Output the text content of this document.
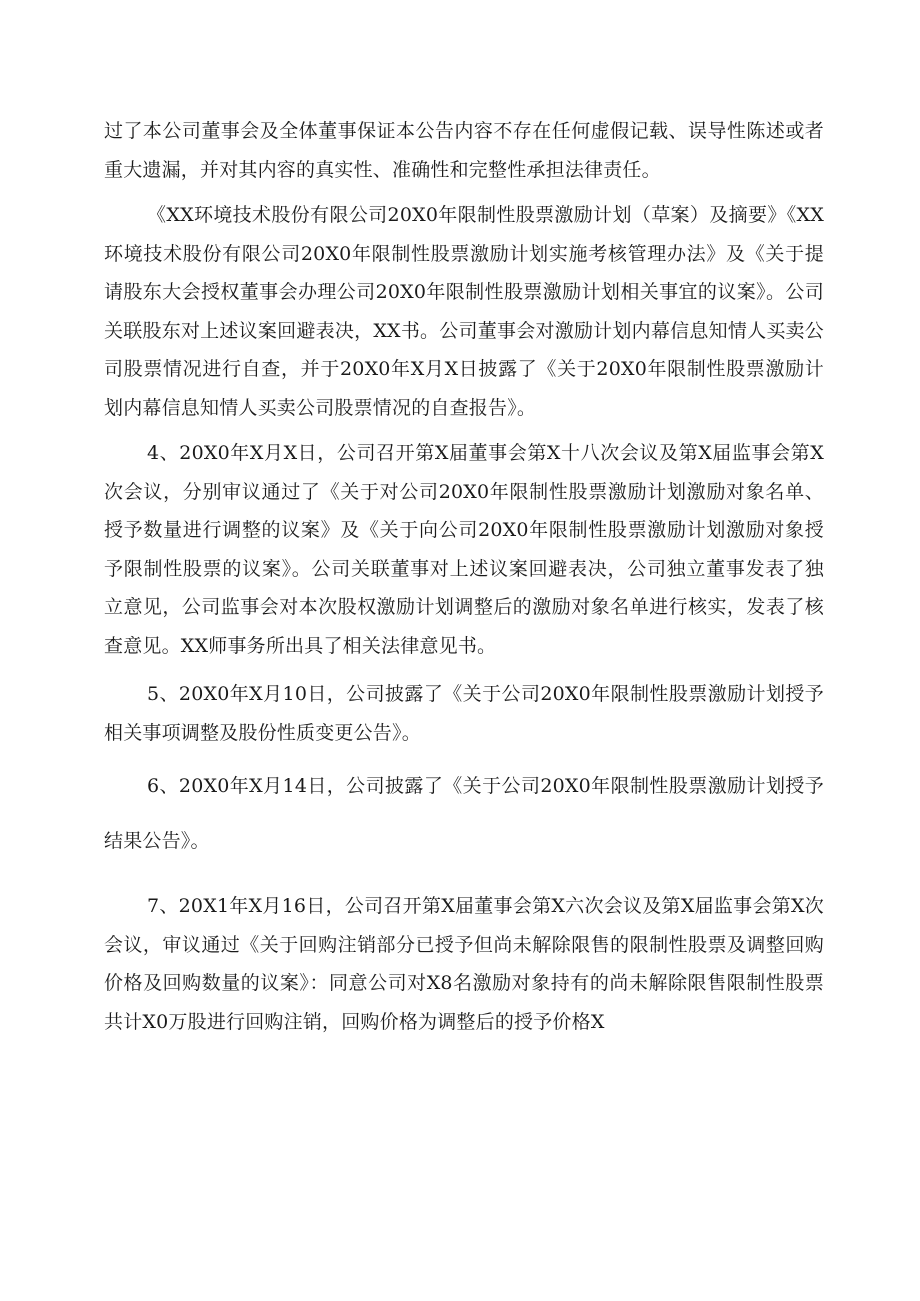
过了本公司董事会及全体董事保证本公告内容不存在任何虚假记载、误导性陈述或者重大遗漏，并对其内容的真实性、准确性和完整性承担法律责任。

《XX环境技术股份有限公司20X0年限制性股票激励计划（草案）及摘要》《XX环境技术股份有限公司20X0年限制性股票激励计划实施考核管理办法》及《关于提请股东大会授权董事会办理公司20X0年限制性股票激励计划相关事宜的议案》。公司关联股东对上述议案回避表决，XX书。公司董事会对激励计划内幕信息知情人买卖公司股票情况进行自查，并于20X0年X月X日披露了《关于20X0年限制性股票激励计划内幕信息知情人买卖公司股票情况的自查报告》。

4、20X0年X月X日，公司召开第X届董事会第X十八次会议及第X届监事会第X次会议，分别审议通过了《关于对公司20X0年限制性股票激励计划激励对象名单、授予数量进行调整的议案》及《关于向公司20X0年限制性股票激励计划激励对象授予限制性股票的议案》。公司关联董事对上述议案回避表决，公司独立董事发表了独立意见，公司监事会对本次股权激励计划调整后的激励对象名单进行核实，发表了核查意见。XX师事务所出具了相关法律意见书。

5、20X0年X月10日，公司披露了《关于公司20X0年限制性股票激励计划授予相关事项调整及股份性质变更公告》。

6、20X0年X月14日，公司披露了《关于公司20X0年限制性股票激励计划授予结果公告》。

7、20X1年X月16日，公司召开第X届董事会第X六次会议及第X届监事会第X次会议，审议通过《关于回购注销部分已授予但尚未解除限售的限制性股票及调整回购价格及回购数量的议案》：同意公司对X8名激励对象持有的尚未解除限售限制性股票共计X0万股进行回购注销，回购价格为调整后的授予价格X
